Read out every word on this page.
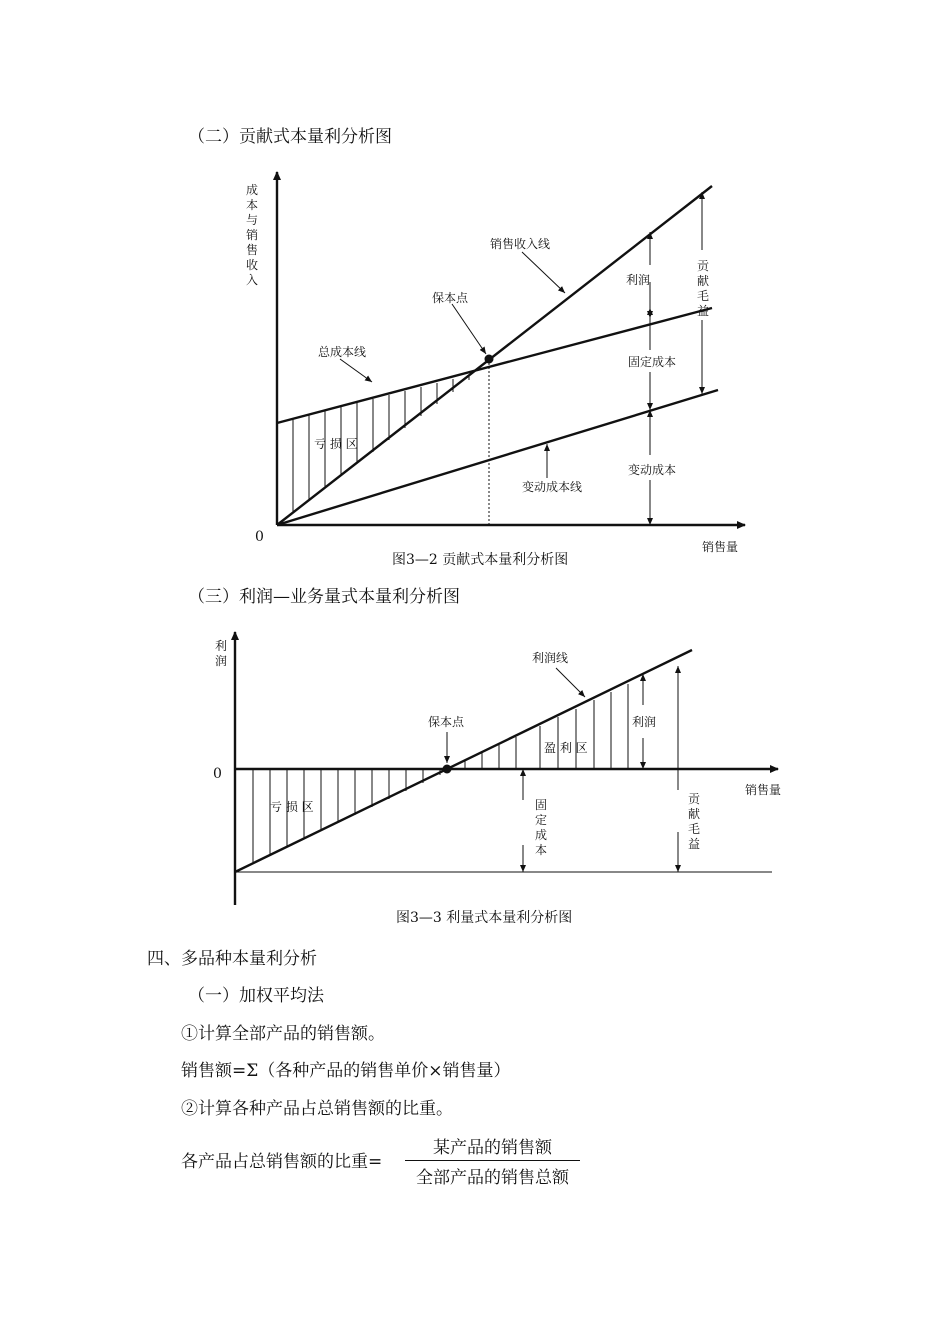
（二）贡献式本量利分析图
成
本
与
销
售
收
入
0
销售量
销售收入线
保本点
总成本线
亏 损 区
变动成本线
利润
固定成本
变动成本
贡
献
毛
益
图3—2 贡献式本量利分析图
（三）利润—业务量式本量利分析图
利
润
0
销售量
利润线
保本点
盈 利 区
利润
亏 损 区	固
定
成
本
贡
献
毛
益
图3—3 利量式本量利分析图
四、多品种本量利分析
（一）加权平均法
①计算全部产品的销售额。
销售额=Σ（各种产品的销售单价×销售量）
②计算各种产品占总销售额的比重。
各产品占总销售额的比重=
某产品的销售额
全部产品的销售总额
